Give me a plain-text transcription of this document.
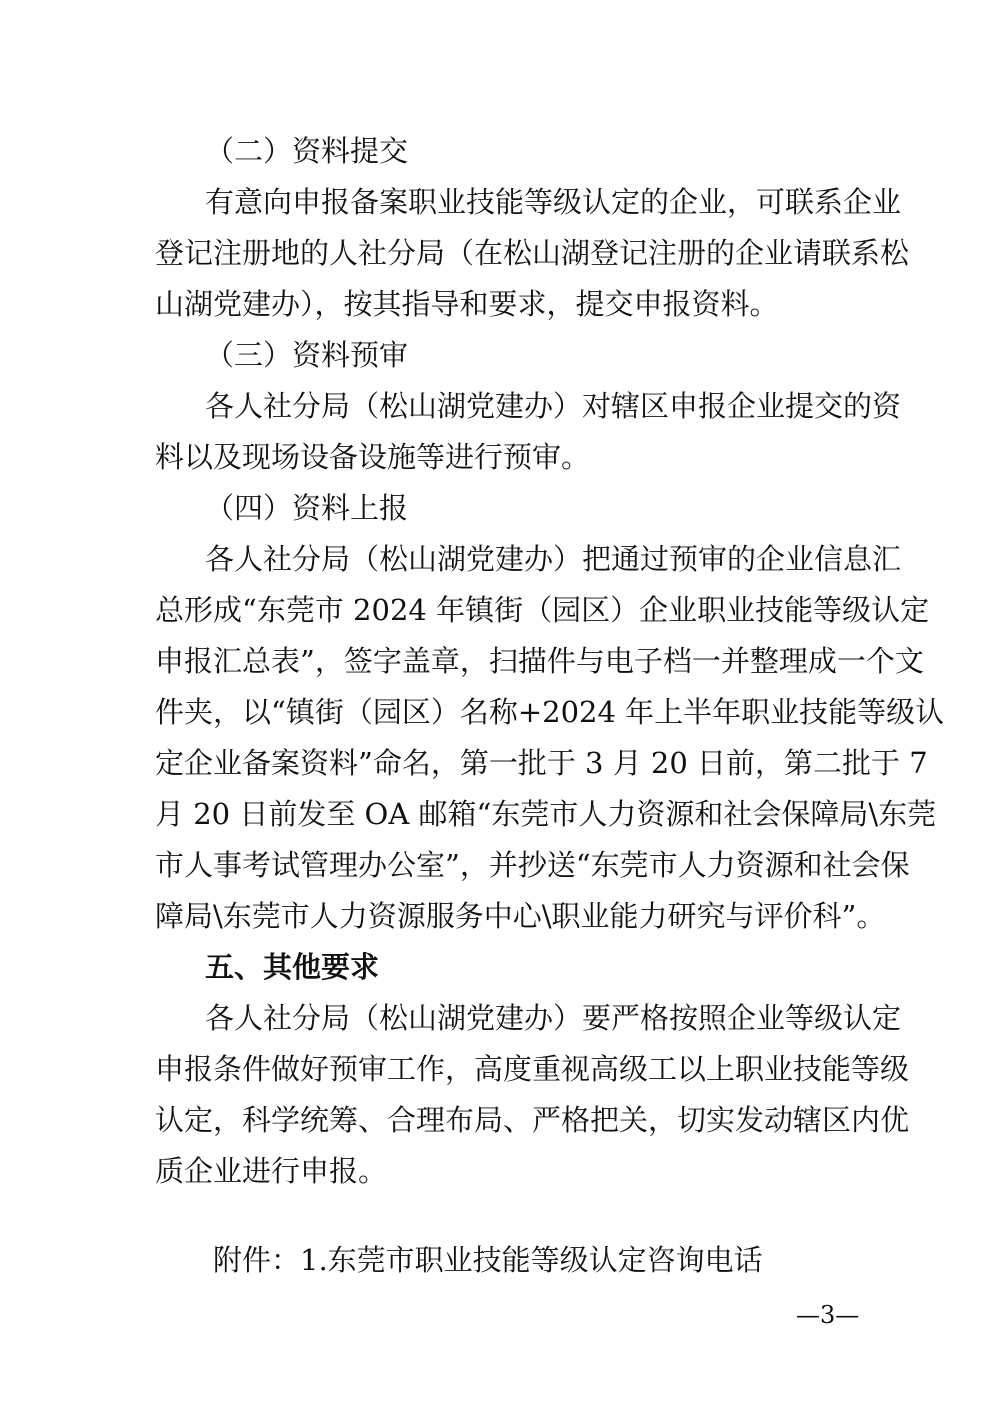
（二）资料提交
有意向申报备案职业技能等级认定的企业，可联系企业
登记注册地的人社分局（在松山湖登记注册的企业请联系松
山湖党建办），按其指导和要求，提交申报资料。
（三）资料预审
各人社分局（松山湖党建办）对辖区申报企业提交的资
料以及现场设备设施等进行预审。
（四）资料上报
各人社分局（松山湖党建办）把通过预审的企业信息汇
总形成“东莞市 2024 年镇街（园区）企业职业技能等级认定
申报汇总表”，签字盖章，扫描件与电子档一并整理成一个文
件夹，以“镇街（园区）名称+2024 年上半年职业技能等级认
定企业备案资料”命名，第一批于 3 月 20 日前，第二批于 7
月 20 日前发至 OA 邮箱“东莞市人力资源和社会保障局\东莞
市人事考试管理办公室”，并抄送“东莞市人力资源和社会保
障局\东莞市人力资源服务中心\职业能力研究与评价科”。
五、其他要求
各人社分局（松山湖党建办）要严格按照企业等级认定
申报条件做好预审工作，高度重视高级工以上职业技能等级
认定，科学统筹、合理布局、严格把关，切实发动辖区内优
质企业进行申报。
附件：1.东莞市职业技能等级认定咨询电话
—3—
